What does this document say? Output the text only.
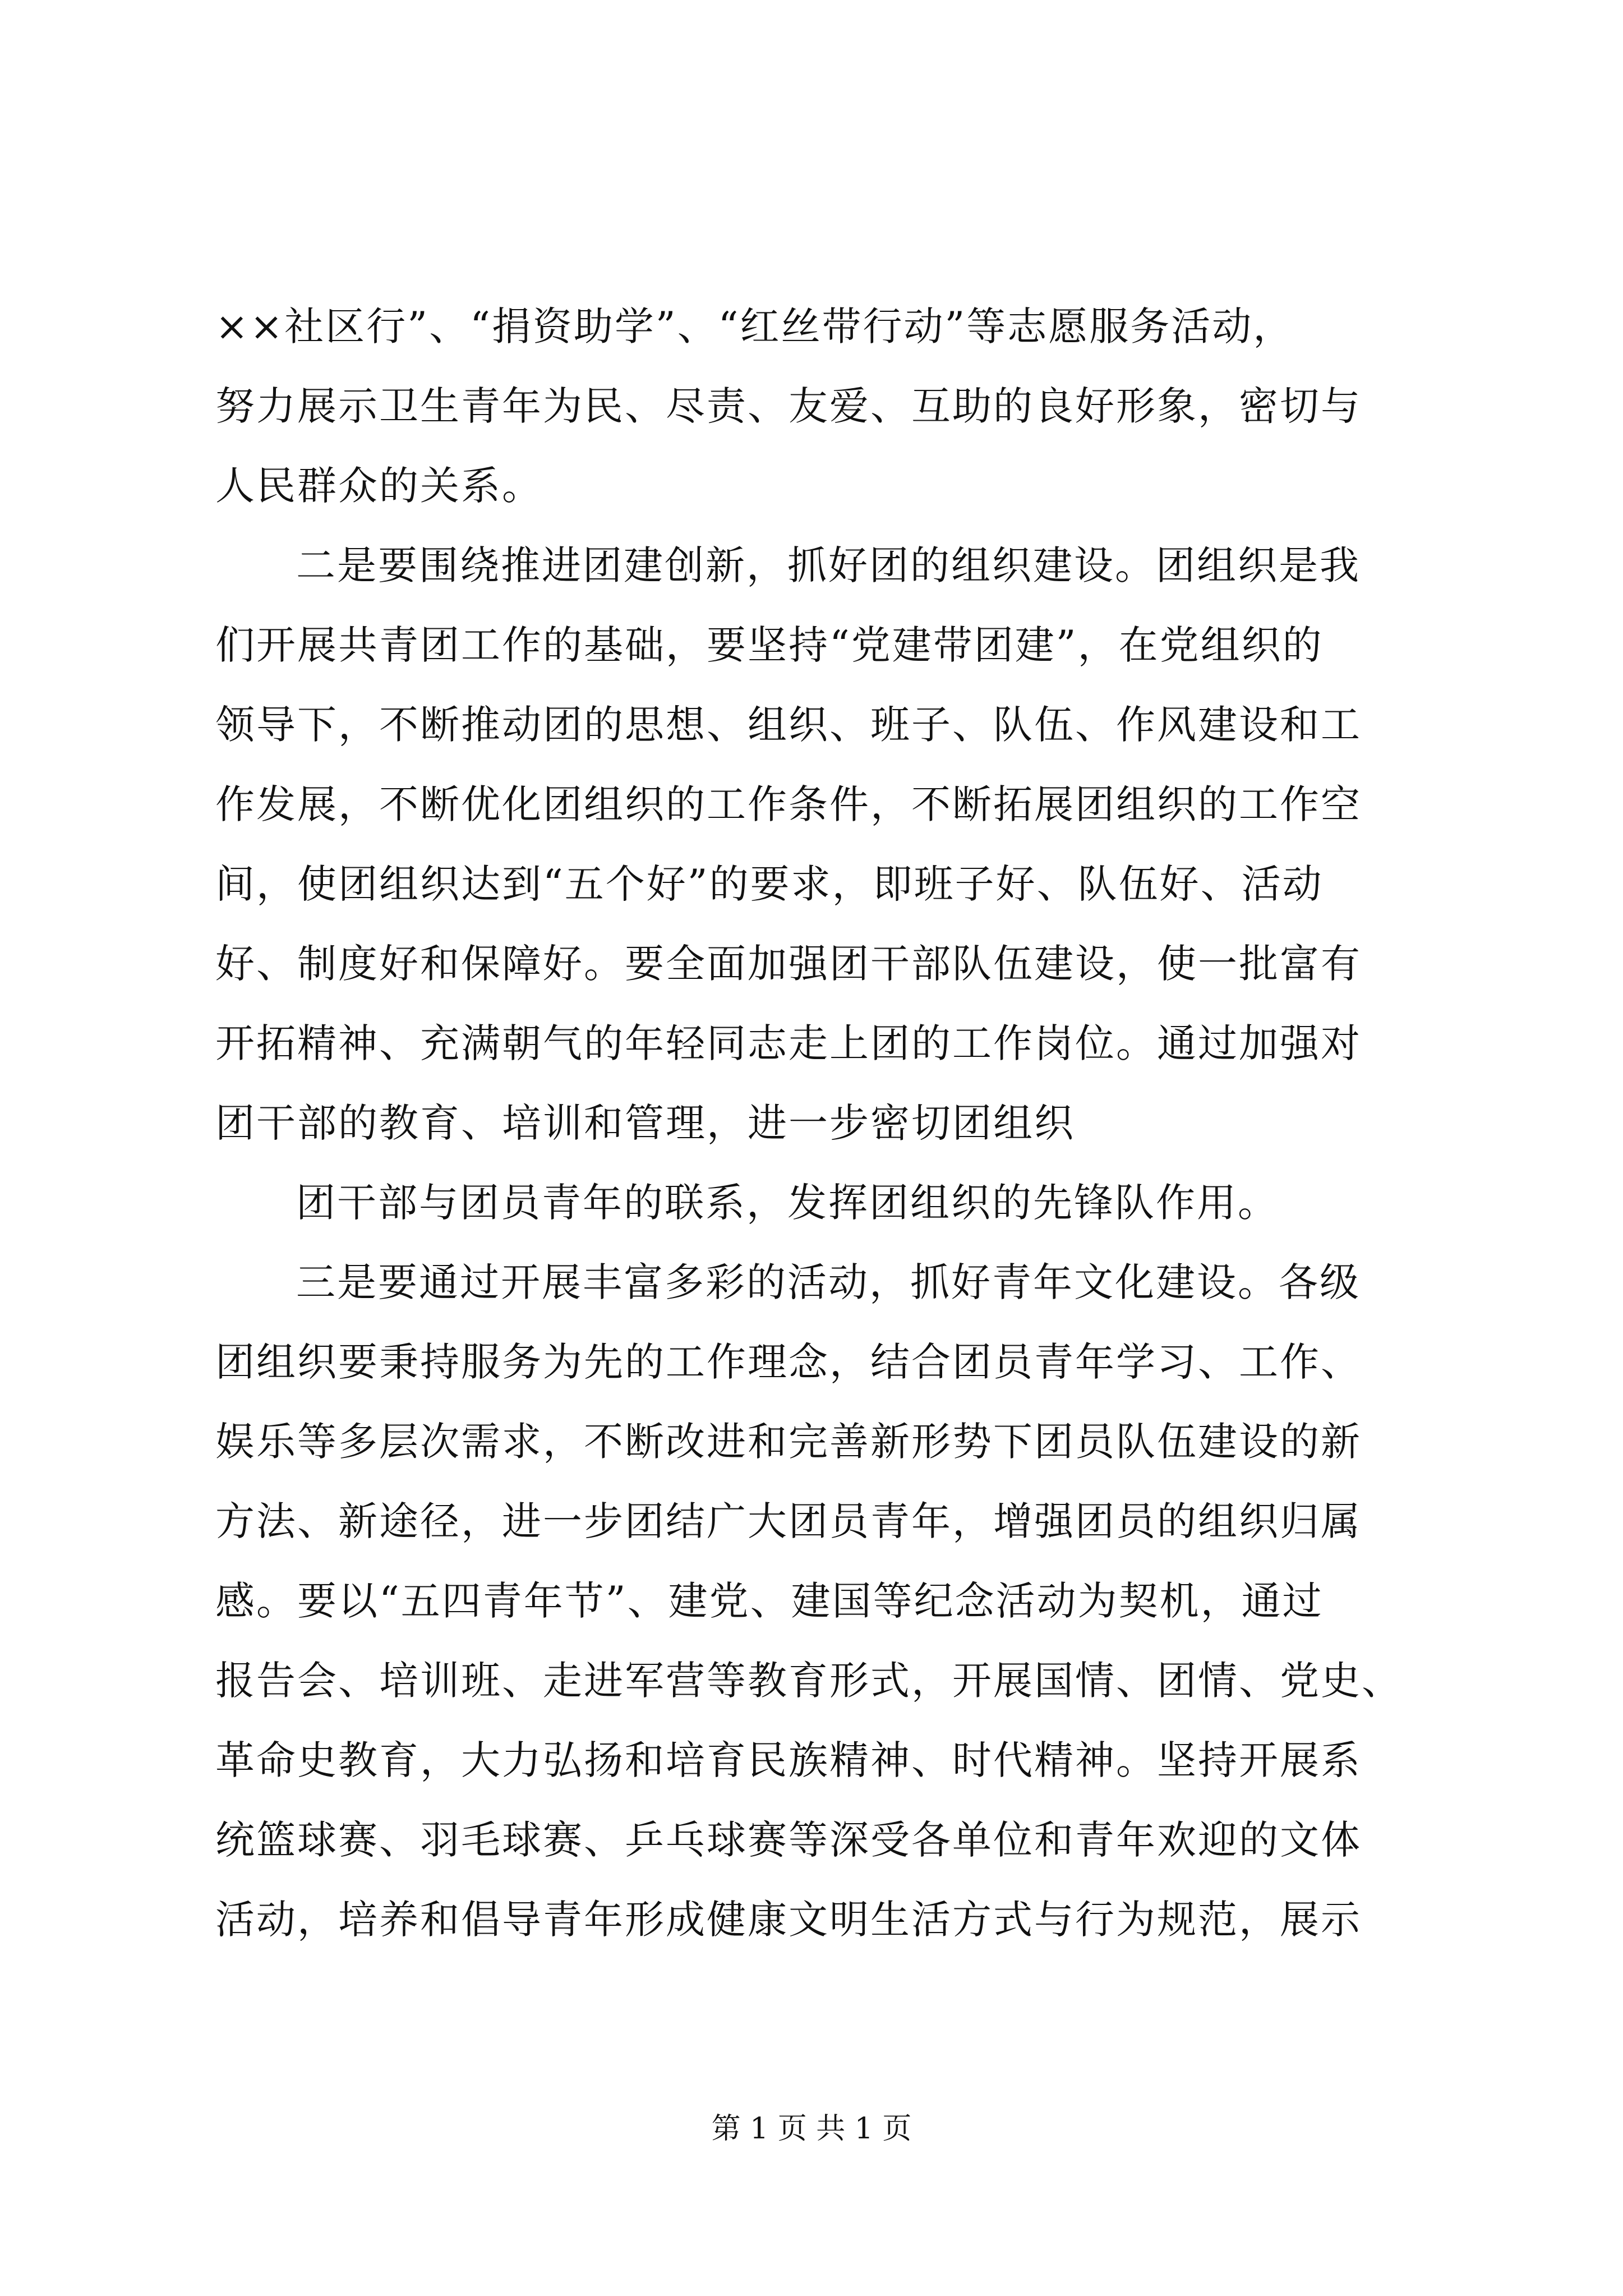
××社区行”、“捐资助学”、“红丝带行动”等志愿服务活动，
努力展示卫生青年为民、尽责、友爱、互助的良好形象，密切与
人民群众的关系。
二是要围绕推进团建创新，抓好团的组织建设。团组织是我
们开展共青团工作的基础，要坚持“党建带团建”，在党组织的
领导下，不断推动团的思想、组织、班子、队伍、作风建设和工
作发展，不断优化团组织的工作条件，不断拓展团组织的工作空
间，使团组织达到“五个好”的要求，即班子好、队伍好、活动
好、制度好和保障好。要全面加强团干部队伍建设，使一批富有
开拓精神、充满朝气的年轻同志走上团的工作岗位。通过加强对
团干部的教育、培训和管理，进一步密切团组织
团干部与团员青年的联系，发挥团组织的先锋队作用。
三是要通过开展丰富多彩的活动，抓好青年文化建设。各级
团组织要秉持服务为先的工作理念，结合团员青年学习、工作、
娱乐等多层次需求，不断改进和完善新形势下团员队伍建设的新
方法、新途径，进一步团结广大团员青年，增强团员的组织归属
感。要以“五四青年节”、建党、建国等纪念活动为契机，通过
报告会、培训班、走进军营等教育形式，开展国情、团情、党史、
革命史教育，大力弘扬和培育民族精神、时代精神。坚持开展系
统篮球赛、羽毛球赛、乒乓球赛等深受各单位和青年欢迎的文体
活动，培养和倡导青年形成健康文明生活方式与行为规范，展示
第 1 页 共 1 页
